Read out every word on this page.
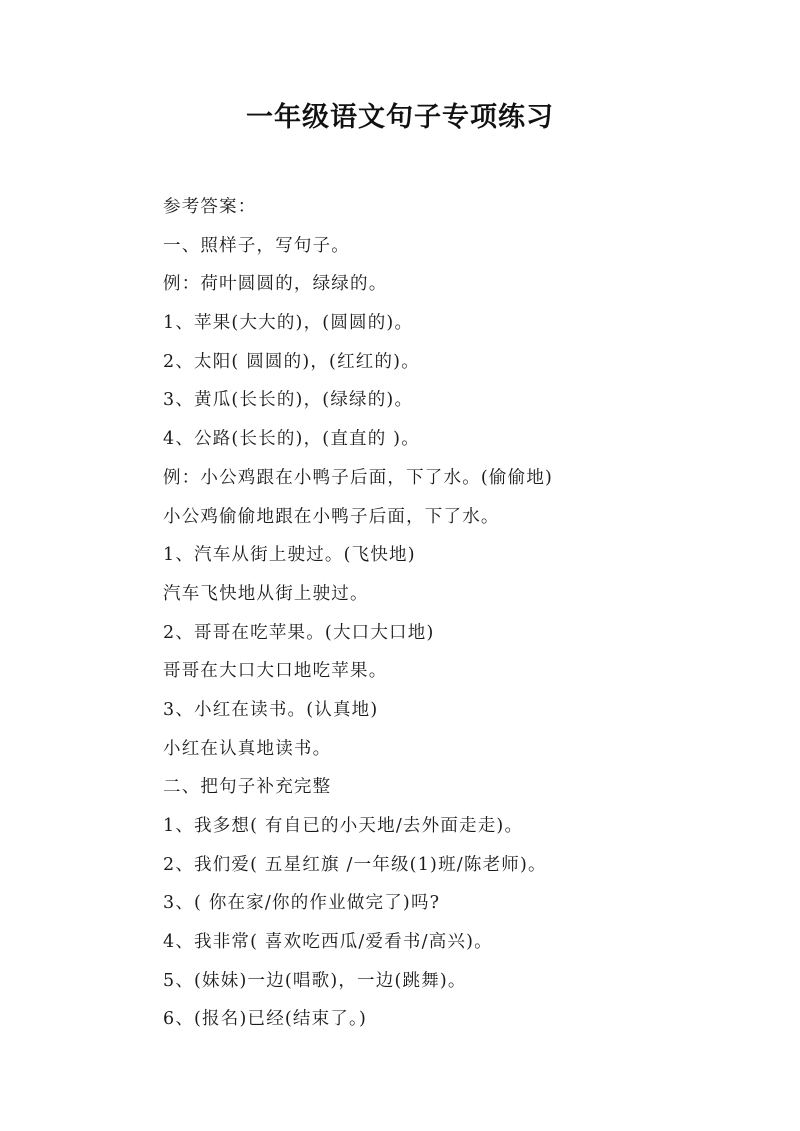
一年级语文句子专项练习
参考答案：
一、照样子，写句子。
例：荷叶圆圆的，绿绿的。
1、苹果(大大的)，(圆圆的)。
2、太阳( 圆圆的)，(红红的)。
3、黄瓜(长长的)，(绿绿的)。
4、公路(长长的)，(直直的 )。
例：小公鸡跟在小鸭子后面，下了水。(偷偷地)
小公鸡偷偷地跟在小鸭子后面，下了水。
1、汽车从街上驶过。(飞快地)
汽车飞快地从街上驶过。
2、哥哥在吃苹果。(大口大口地)
哥哥在大口大口地吃苹果。
3、小红在读书。(认真地)
小红在认真地读书。
二、把句子补充完整
1、我多想( 有自已的小天地/去外面走走)。
2、我们爱( 五星红旗 /一年级(1)班/陈老师)。
3、( 你在家/你的作业做完了)吗?
4、我非常( 喜欢吃西瓜/爱看书/高兴)。
5、(妹妹)一边(唱歌)，一边(跳舞)。
6、(报名)已经(结束了。)
